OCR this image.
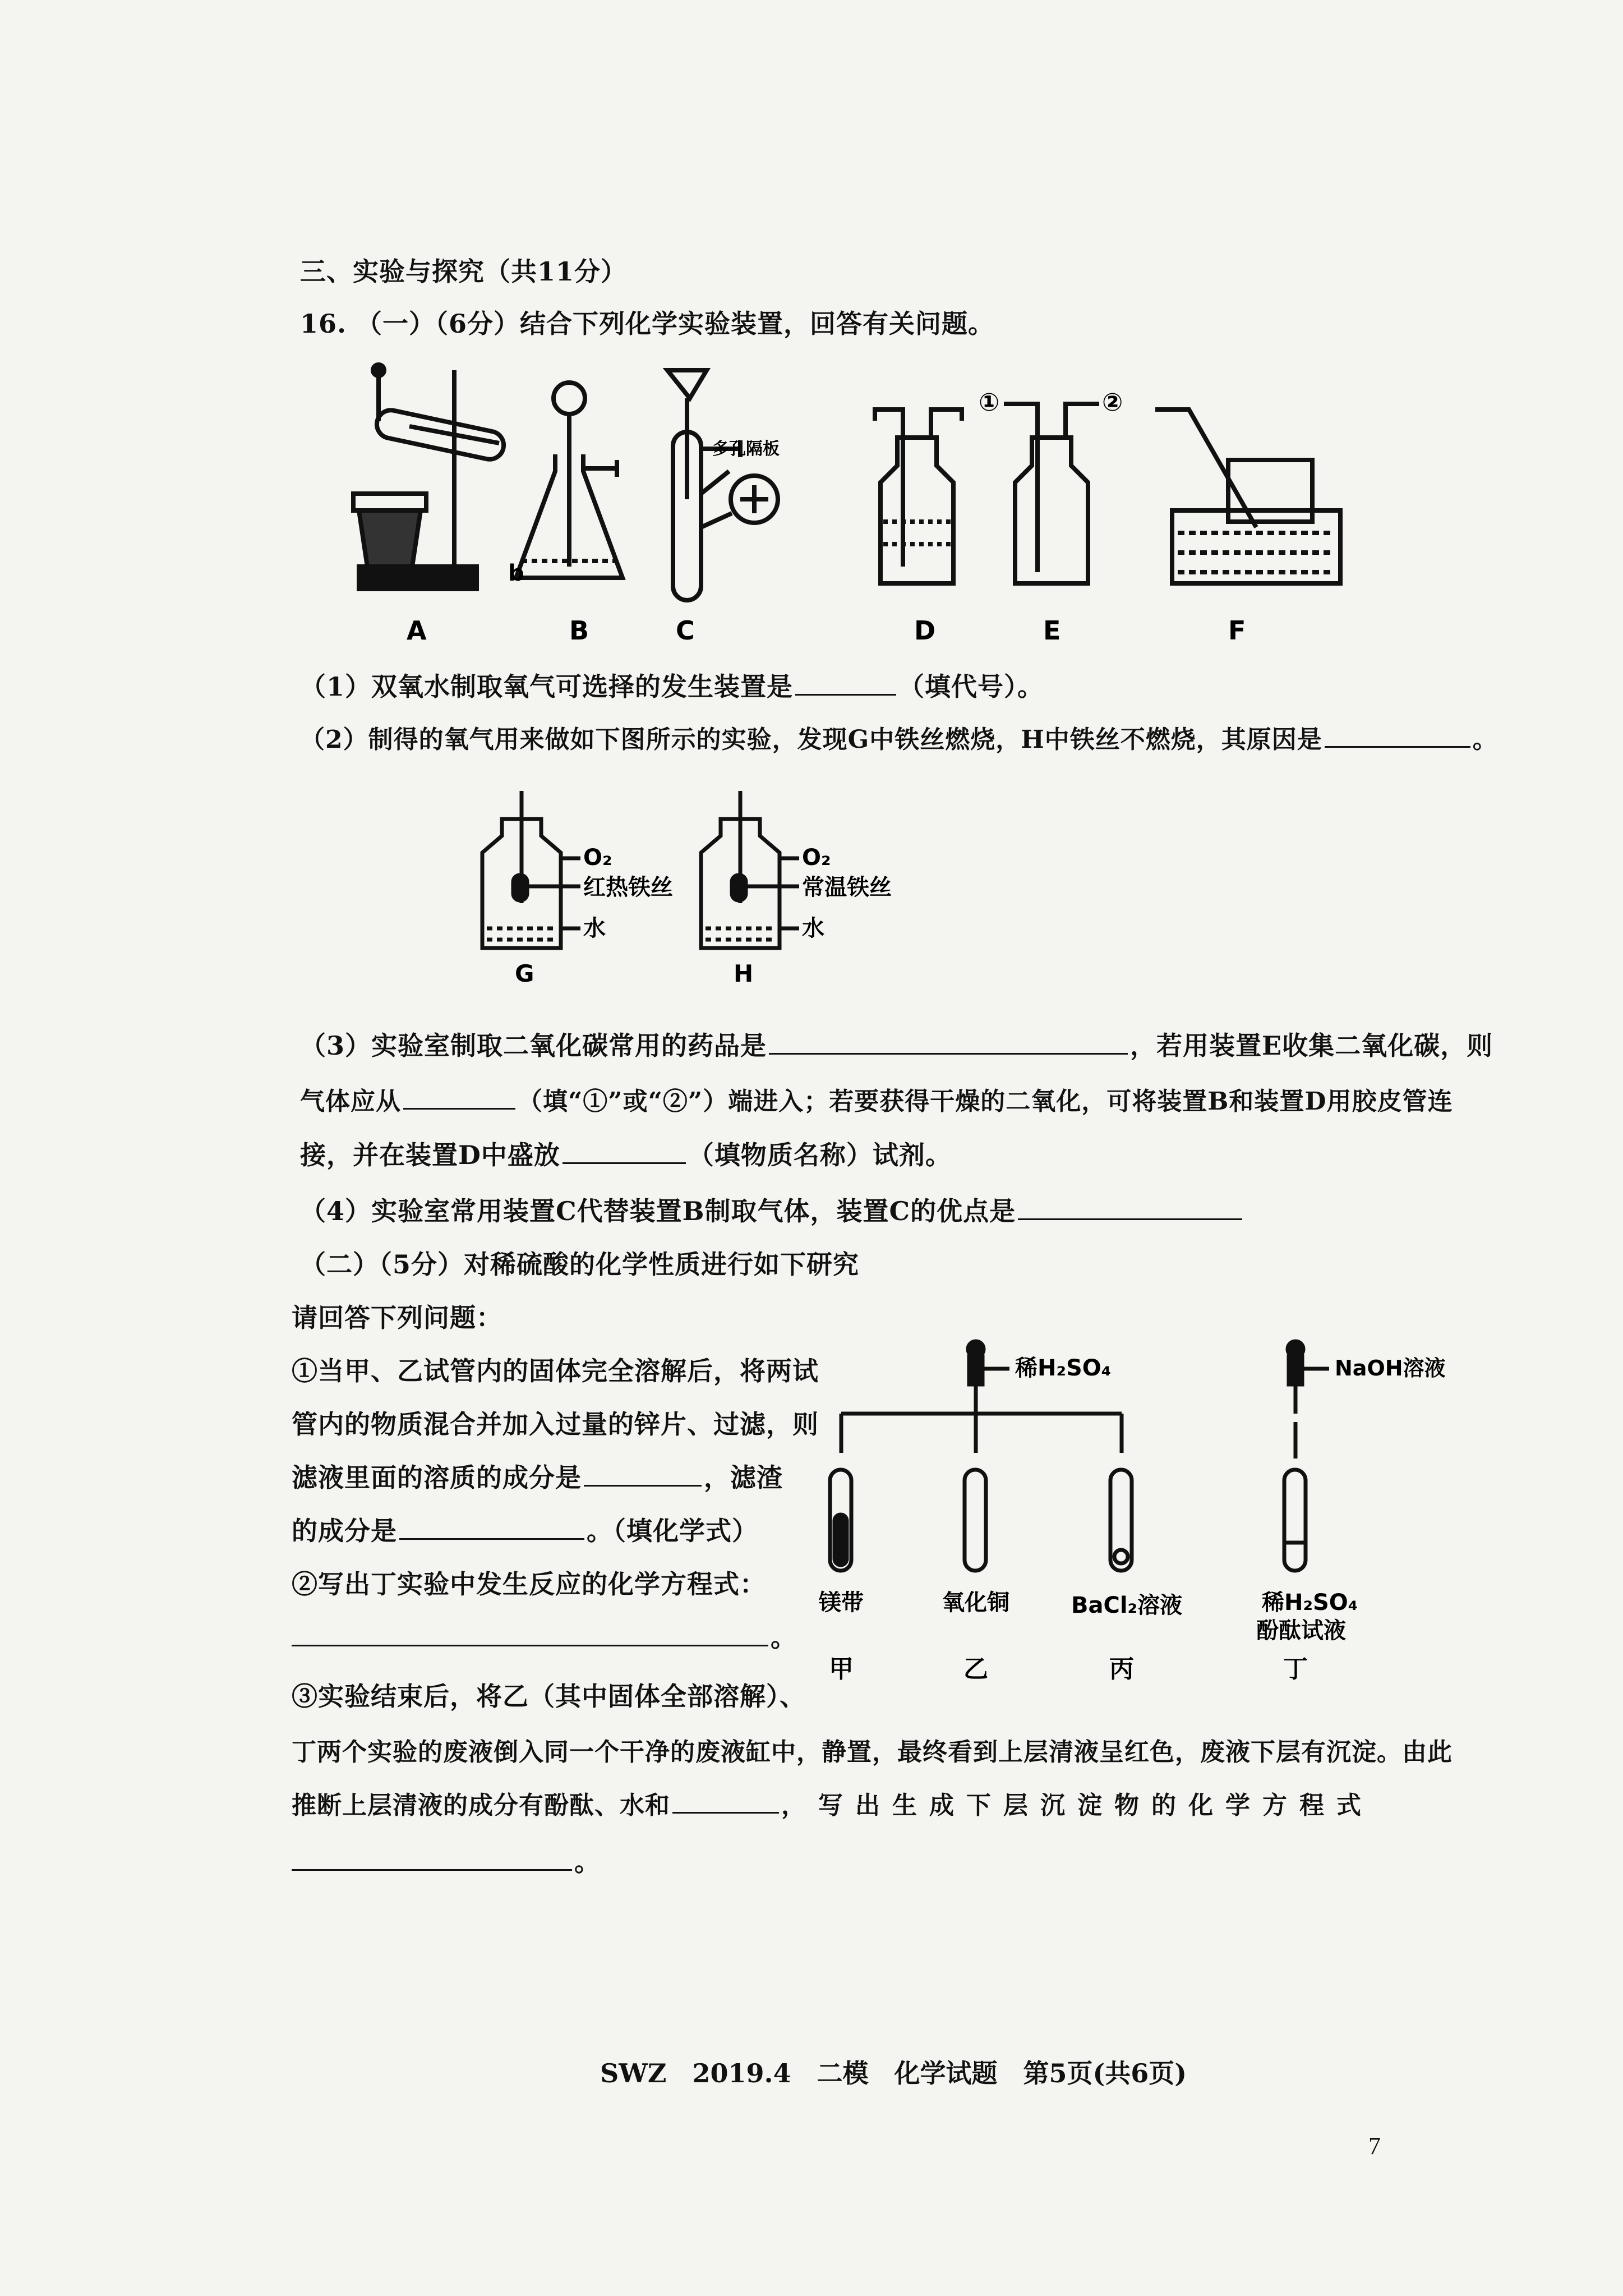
三、实验与探究（共11分）
16. （一）（6分）结合下列化学实验装置，回答有关问题。
b
多孔隔板
①	②
A	B	C	D	E	F
（1）双氧水制取氧气可选择的发生装置是	（填代号）。
（2）制得的氧气用来做如下图所示的实验，发现G中铁丝燃烧，H中铁丝不燃烧，其原因是	。
O₂
红热铁丝
水
G
O₂
常温铁丝
水
H
（3）实验室制取二氧化碳常用的药品是	，若用装置E收集二氧化碳，则
气体应从	（填“①”或“②”）端进入；若要获得干燥的二氧化，可将装置B和装置D用胶皮管连
接，并在装置D中盛放	（填物质名称）试剂。
（4）实验室常用装置C代替装置B制取气体，装置C的优点是
（二）（5分）对稀硫酸的化学性质进行如下研究
请回答下列问题：
①当甲、乙试管内的固体完全溶解后，将两试
管内的物质混合并加入过量的锌片、过滤，则
滤液里面的溶质的成分是	，滤渣
的成分是	。（填化学式）
②写出丁实验中发生反应的化学方程式：
。
稀H₂SO₄	NaOH溶液
镁带	氧化铜	BaCl₂溶液	稀H₂SO₄
酚酞试液
甲	乙	丙	丁
③实验结束后，将乙（其中固体全部溶解）、
丁两个实验的废液倒入同一个干净的废液缸中，静置，最终看到上层清液呈红色，废液下层有沉淀。由此
推断上层清液的成分有酚酞、水和	，写出生成下层沉淀物的化学方程式
。
SWZ　2019.4　二模　化学试题　第5页(共6页)
7
